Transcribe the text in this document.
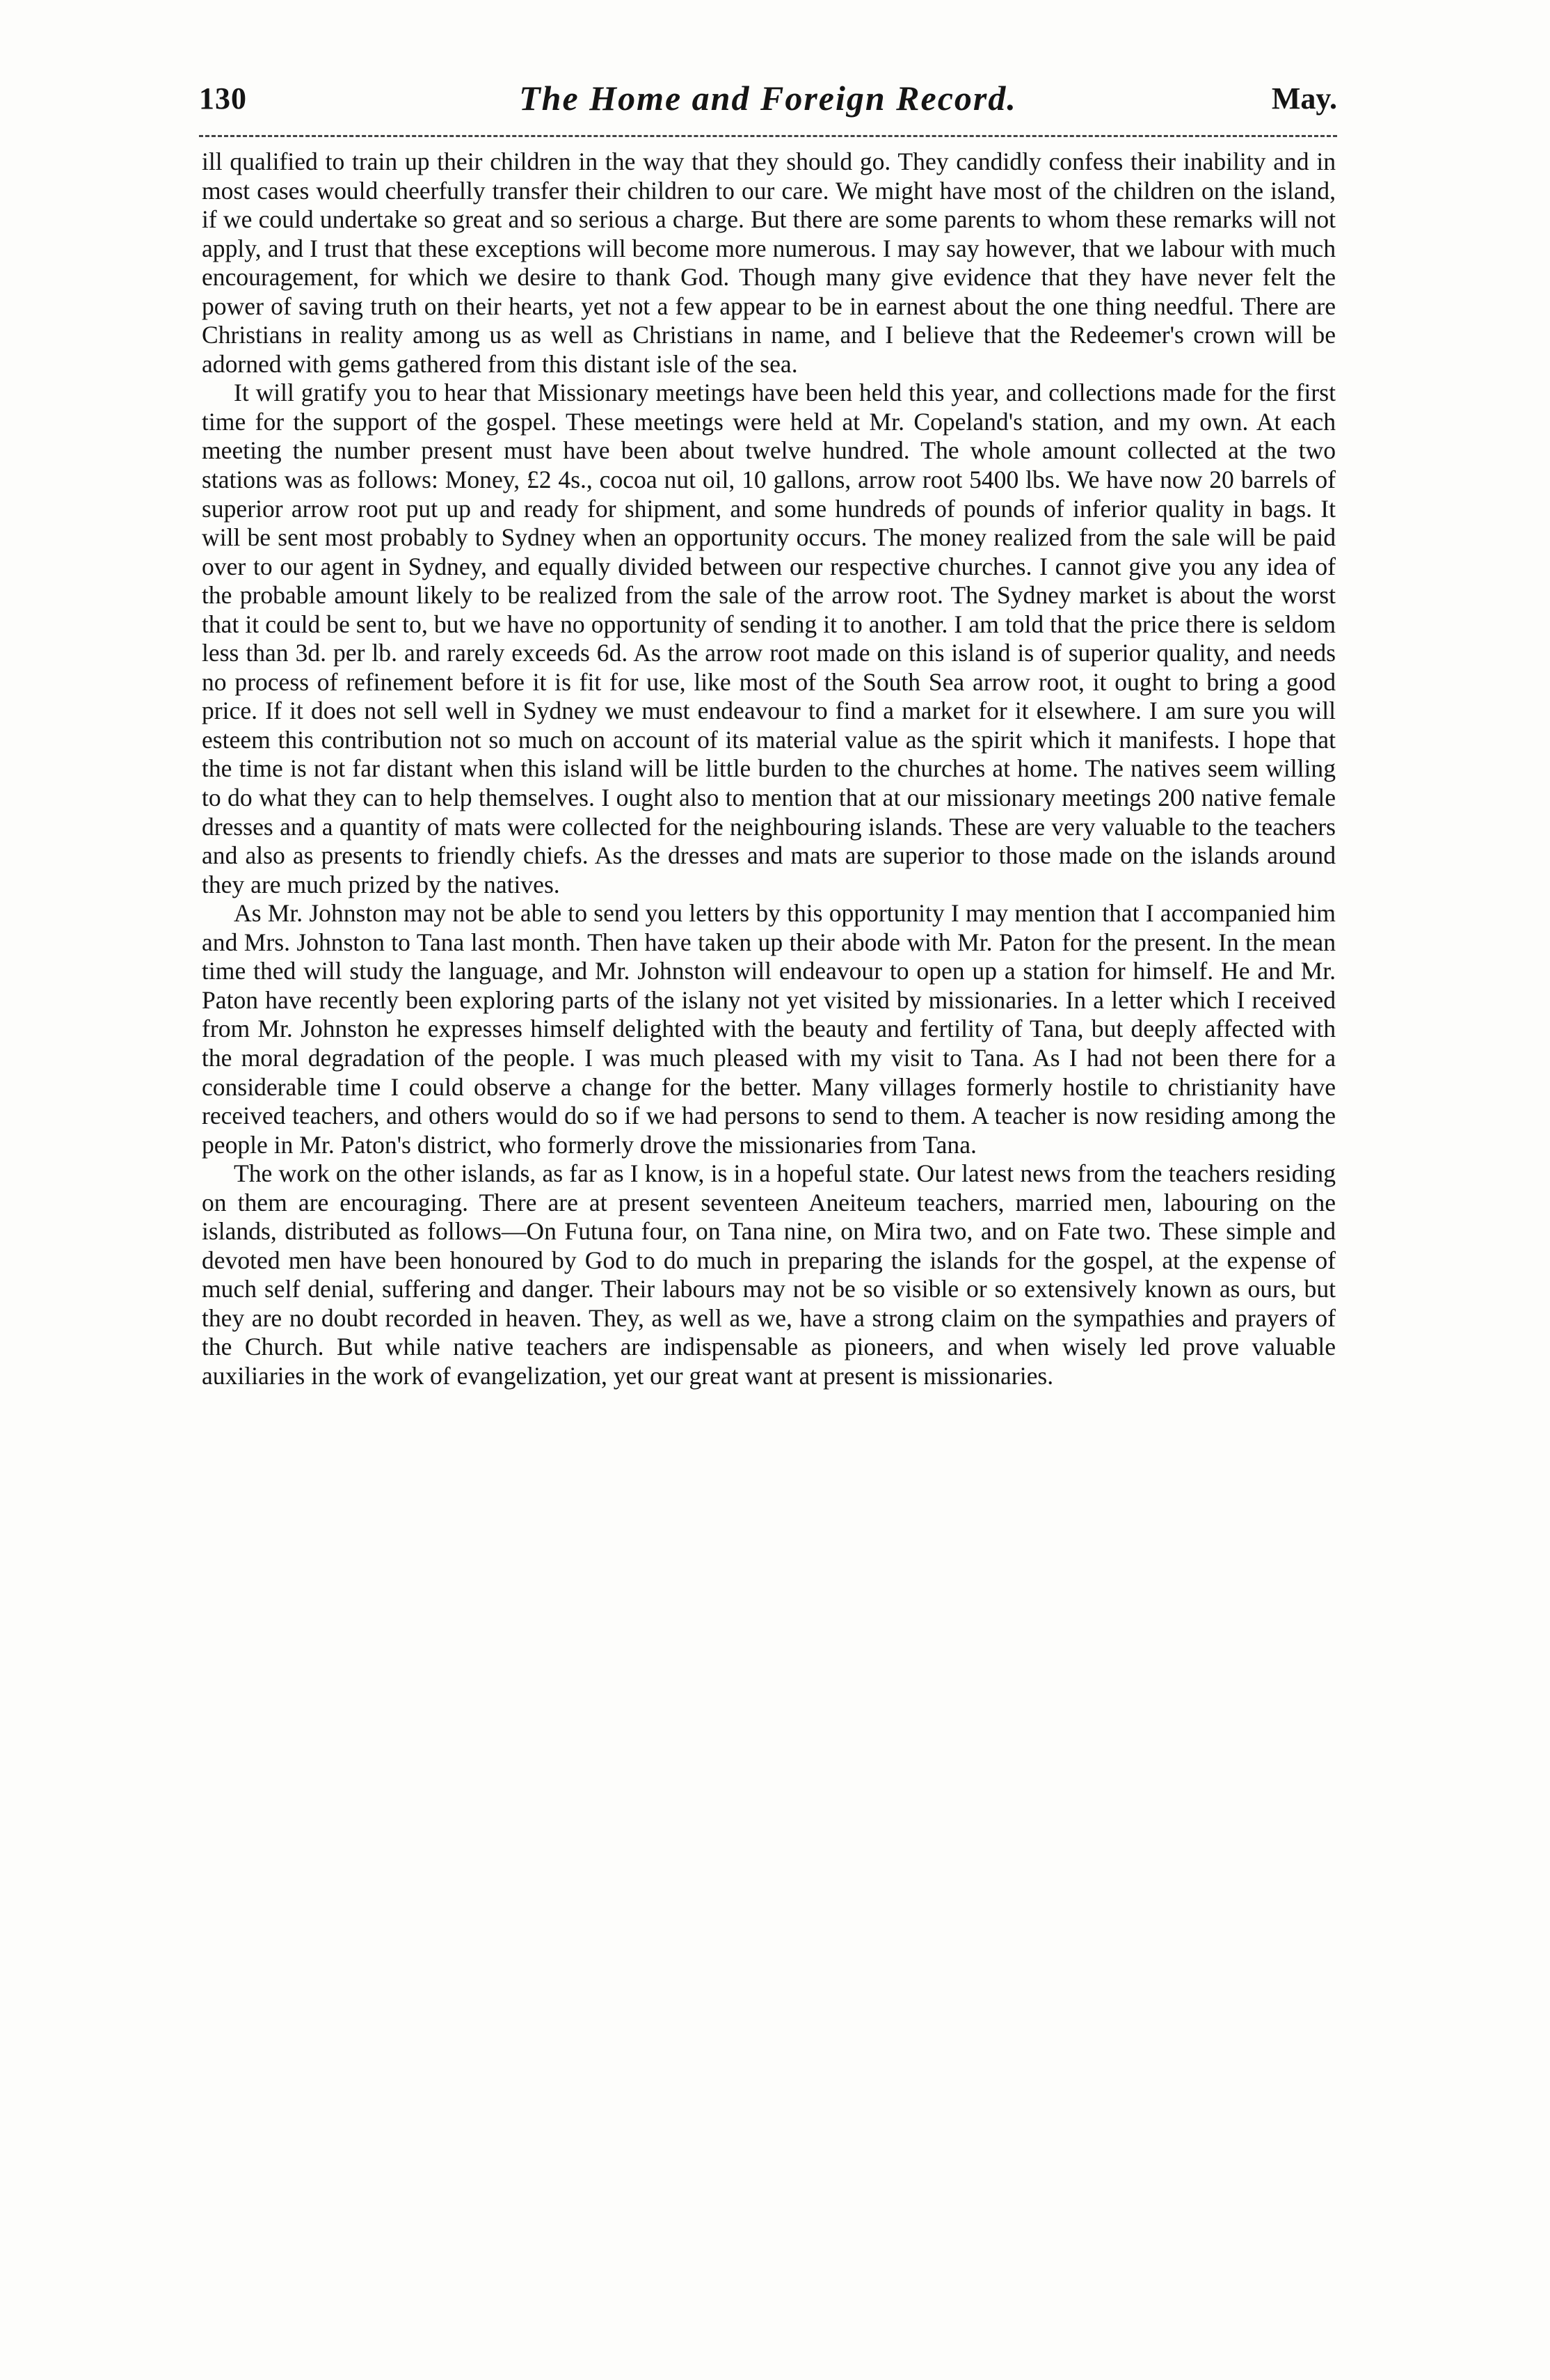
130	The Home and Foreign Record.	May.

ill qualified to train up their children in the way that they should go. They candidly confess their inability and in most cases would cheerfully transfer their children to our care. We might have most of the children on the island, if we could undertake so great and so serious a charge. But there are some parents to whom these remarks will not apply, and I trust that these exceptions will become more numerous. I may say however, that we labour with much encouragement, for which we desire to thank God. Though many give evidence that they have never felt the power of saving truth on their hearts, yet not a few appear to be in earnest about the one thing needful. There are Christians in reality among us as well as Christians in name, and I believe that the Redeemer's crown will be adorned with gems gathered from this distant isle of the sea.

It will gratify you to hear that Missionary meetings have been held this year, and collections made for the first time for the support of the gospel. These meetings were held at Mr. Copeland's station, and my own. At each meeting the number present must have been about twelve hundred. The whole amount collected at the two stations was as follows: Money, £2 4s., cocoa nut oil, 10 gallons, arrow root 5400 lbs. We have now 20 barrels of superior arrow root put up and ready for shipment, and some hundreds of pounds of inferior quality in bags. It will be sent most probably to Sydney when an opportunity occurs. The money realized from the sale will be paid over to our agent in Sydney, and equally divided between our respective churches. I cannot give you any idea of the probable amount likely to be realized from the sale of the arrow root. The Sydney market is about the worst that it could be sent to, but we have no opportunity of sending it to another. I am told that the price there is seldom less than 3d. per lb. and rarely exceeds 6d. As the arrow root made on this island is of superior quality, and needs no process of refinement before it is fit for use, like most of the South Sea arrow root, it ought to bring a good price. If it does not sell well in Sydney we must endeavour to find a market for it elsewhere. I am sure you will esteem this contribution not so much on account of its material value as the spirit which it manifests. I hope that the time is not far distant when this island will be little burden to the churches at home. The natives seem willing to do what they can to help themselves. I ought also to mention that at our missionary meetings 200 native female dresses and a quantity of mats were collected for the neighbouring islands. These are very valuable to the teachers and also as presents to friendly chiefs. As the dresses and mats are superior to those made on the islands around they are much prized by the natives.

As Mr. Johnston may not be able to send you letters by this opportunity I may mention that I accompanied him and Mrs. Johnston to Tana last month. Then have taken up their abode with Mr. Paton for the present. In the mean time thed will study the language, and Mr. Johnston will endeavour to open up a station for himself. He and Mr. Paton have recently been exploring parts of the islany not yet visited by missionaries. In a letter which I received from Mr. Johnston he expresses himself delighted with the beauty and fertility of Tana, but deeply affected with the moral degradation of the people. I was much pleased with my visit to Tana. As I had not been there for a considerable time I could observe a change for the better. Many villages formerly hostile to christianity have received teachers, and others would do so if we had persons to send to them. A teacher is now residing among the people in Mr. Paton's district, who formerly drove the missionaries from Tana.

The work on the other islands, as far as I know, is in a hopeful state. Our latest news from the teachers residing on them are encouraging. There are at present seventeen Aneiteum teachers, married men, labouring on the islands, distributed as follows—On Futuna four, on Tana nine, on Mira two, and on Fate two. These simple and devoted men have been honoured by God to do much in preparing the islands for the gospel, at the expense of much self denial, suffering and danger. Their labours may not be so visible or so extensively known as ours, but they are no doubt recorded in heaven. They, as well as we, have a strong claim on the sympathies and prayers of the Church. But while native teachers are indispensable as pioneers, and when wisely led prove valuable auxiliaries in the work of evangelization, yet our great want at present is missionaries.
